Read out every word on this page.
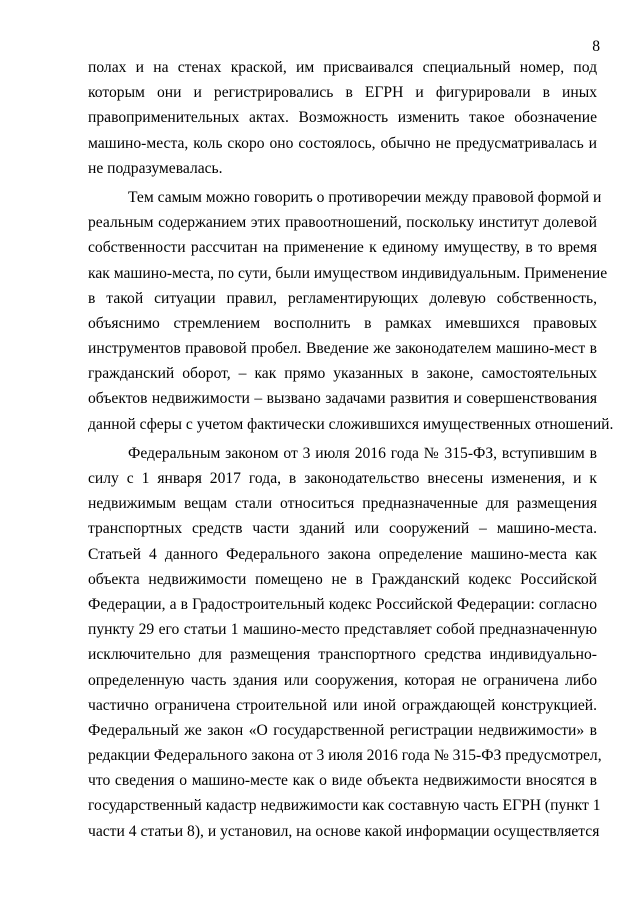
8
полах и на стенах краской, им присваивался специальный номер, под
которым они и регистрировались в ЕГРН и фигурировали в иных
правоприменительных актах. Возможность изменить такое обозначение
машино-места, коль скоро оно состоялось, обычно не предусматривалась и
не подразумевалась.
Тем самым можно говорить о противоречии между правовой формой и
реальным содержанием этих правоотношений, поскольку институт долевой
собственности рассчитан на применение к единому имуществу, в то время
как машино-места, по сути, были имуществом индивидуальным. Применение
в такой ситуации правил, регламентирующих долевую собственность,
объяснимо стремлением восполнить в рамках имевшихся правовых
инструментов правовой пробел. Введение же законодателем машино-мест в
гражданский оборот, – как прямо указанных в законе, самостоятельных
объектов недвижимости – вызвано задачами развития и совершенствования
данной сферы с учетом фактически сложившихся имущественных отношений.
Федеральным законом от 3 июля 2016 года № 315-ФЗ, вступившим в
силу с 1 января 2017 года, в законодательство внесены изменения, и к
недвижимым вещам стали относиться предназначенные для размещения
транспортных средств части зданий или сооружений – машино-места.
Статьей 4 данного Федерального закона определение машино-места как
объекта недвижимости помещено не в Гражданский кодекс Российской
Федерации, а в Градостроительный кодекс Российской Федерации: согласно
пункту 29 его статьи 1 машино-место представляет собой предназначенную
исключительно для размещения транспортного средства индивидуально-
определенную часть здания или сооружения, которая не ограничена либо
частично ограничена строительной или иной ограждающей конструкцией.
Федеральный же закон «О государственной регистрации недвижимости» в
редакции Федерального закона от 3 июля 2016 года № 315-ФЗ предусмотрел,
что сведения о машино-месте как о виде объекта недвижимости вносятся в
государственный кадастр недвижимости как составную часть ЕГРН (пункт 1
части 4 статьи 8), и установил, на основе какой информации осуществляется
